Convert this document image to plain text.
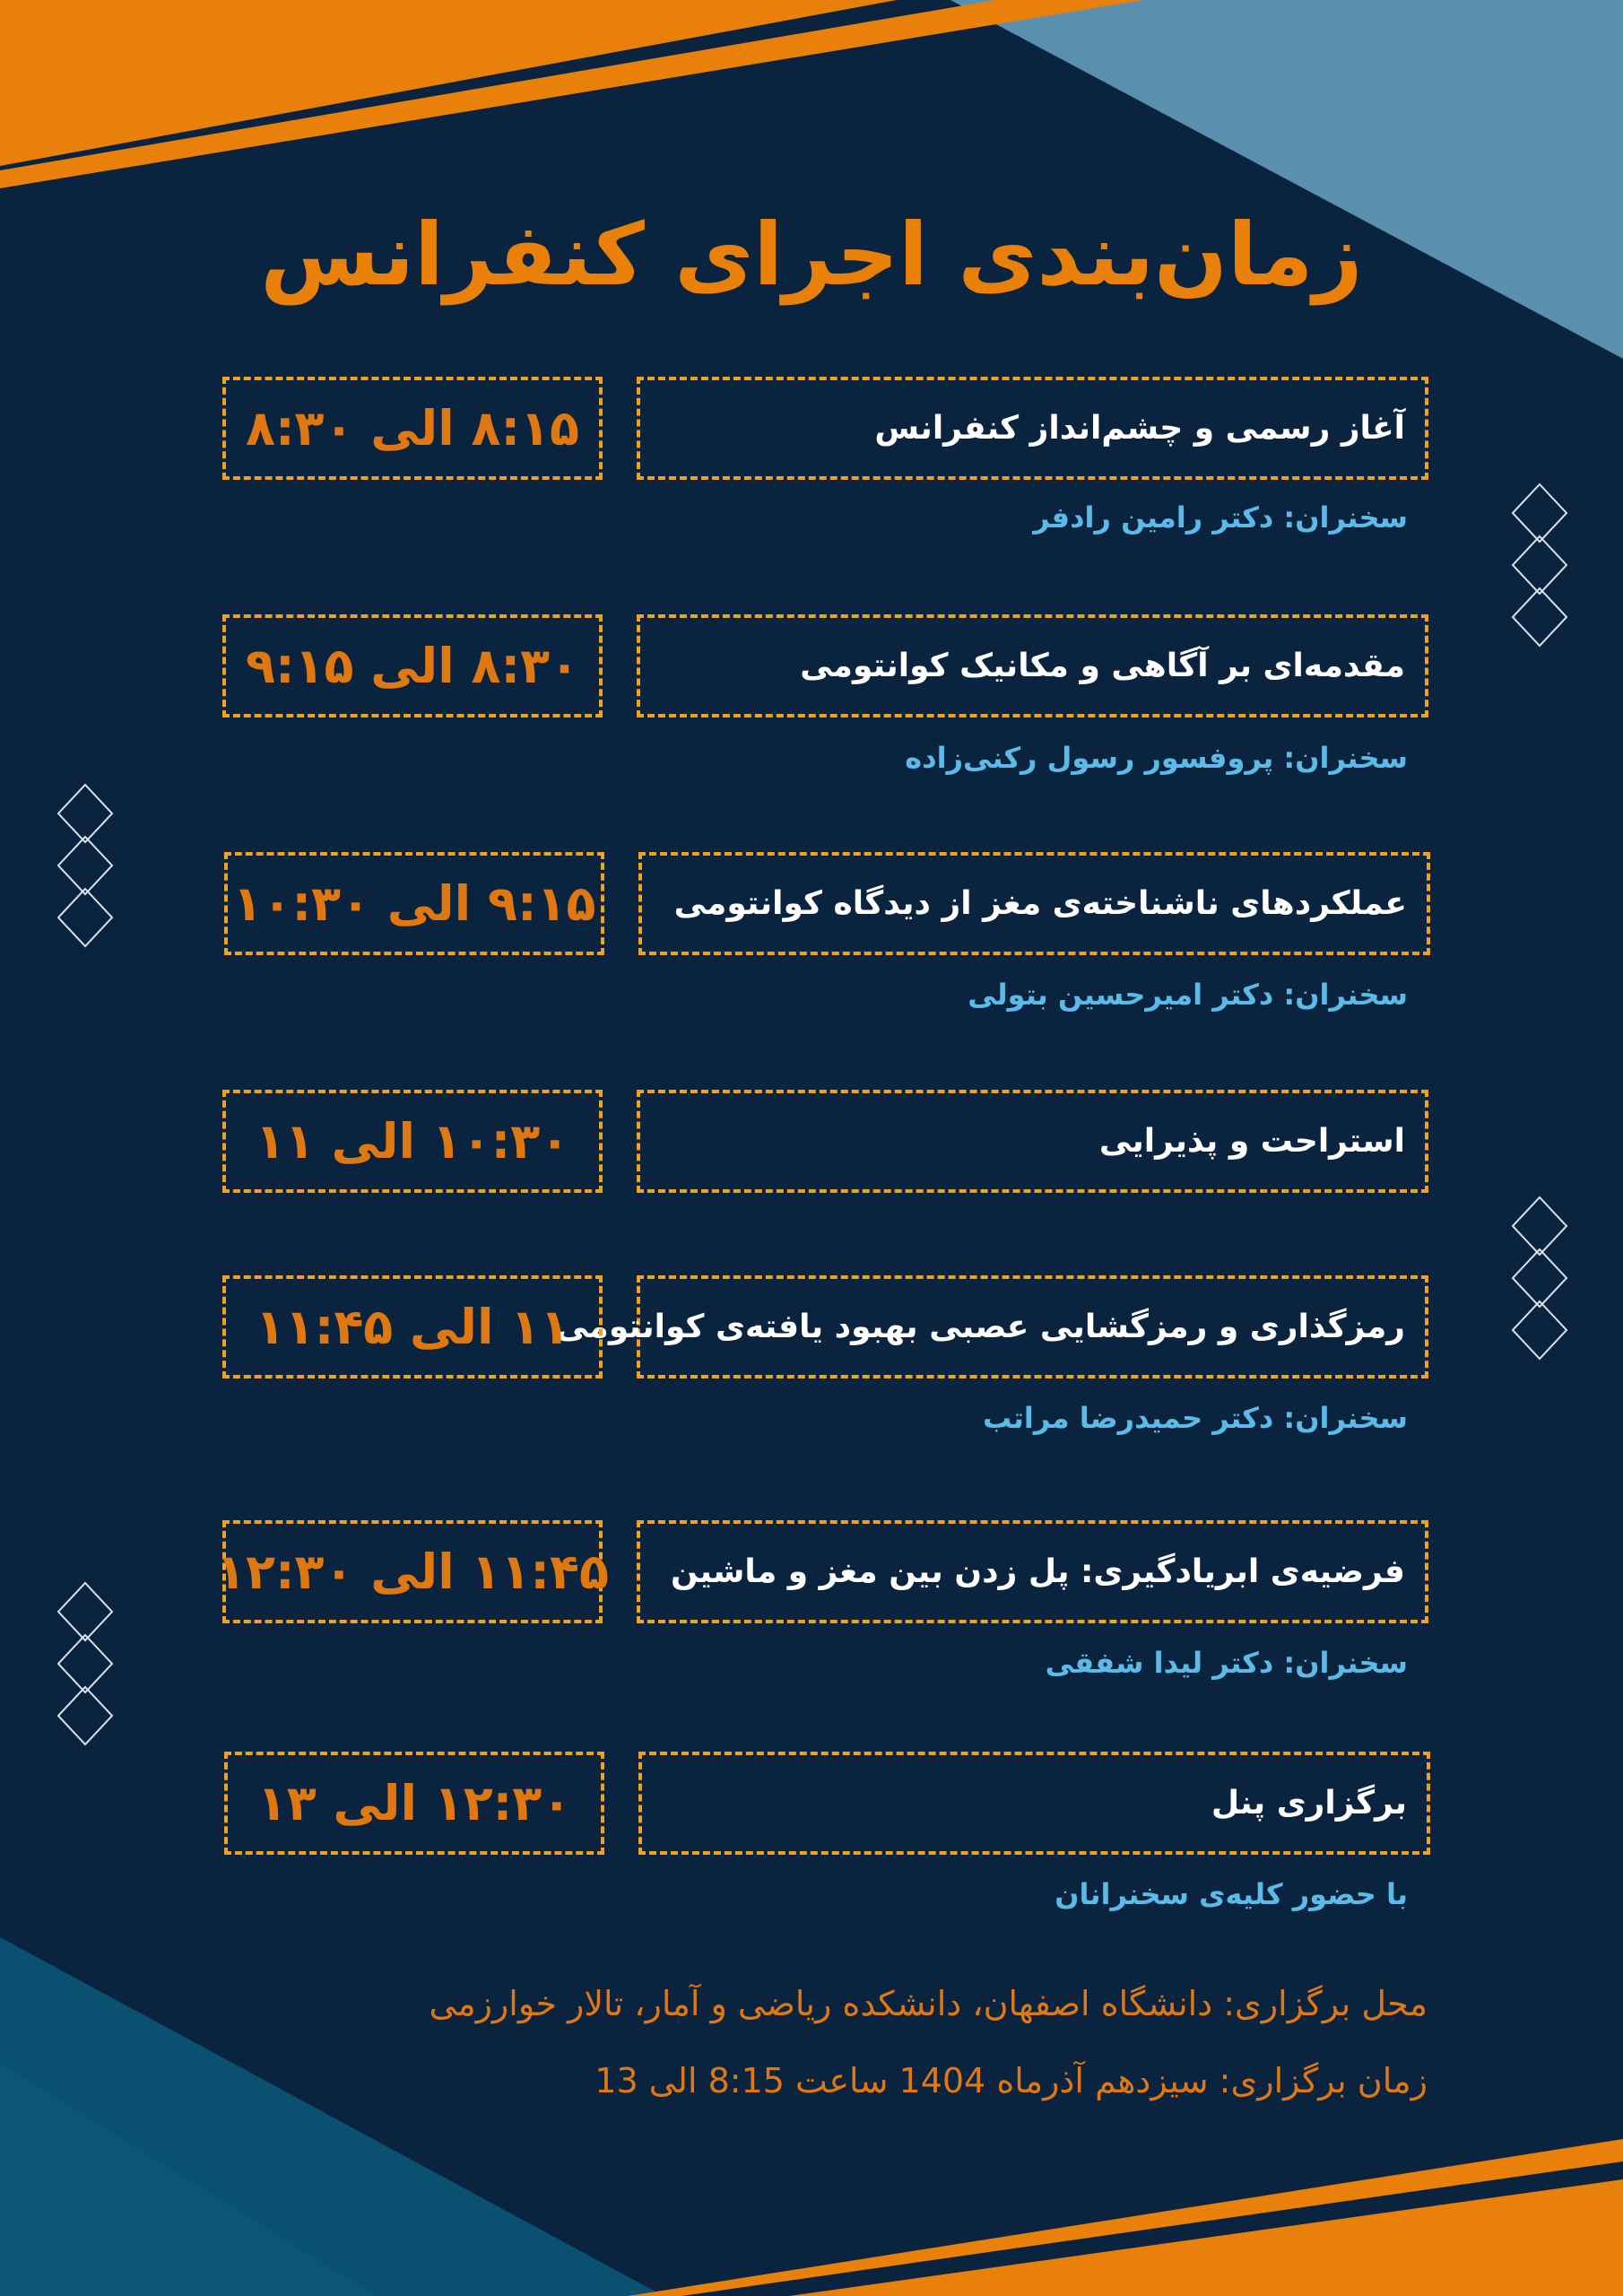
زمان‌بندی اجرای کنفرانس
آغاز رسمی و چشم‌انداز کنفرانس
۸:۱۵ الی ۸:۳۰
سخنران: دکتر رامین رادفر
مقدمه‌ای بر آگاهی و مکانیک کوانتومی
۸:۳۰ الی ۹:۱۵
سخنران: پروفسور رسول رکنی‌زاده
عملکردهای ناشناخته‌ی مغز از دیدگاه کوانتومی
۹:۱۵ الی ۱۰:۳۰
سخنران: دکتر امیرحسین بتولی
استراحت و پذیرایی
۱۰:۳۰ الی ۱۱
رمزگذاری و رمزگشایی عصبی بهبود یافته‌ی کوانتومی
۱۱ الی ۱۱:۴۵
سخنران: دکتر حمیدرضا مراتب
فرضیه‌ی ابریادگیری: پل زدن بین مغز و ماشین
۱۱:۴۵ الی ۱۲:۳۰
سخنران: دکتر لیدا شفقی
برگزاری پنل
۱۲:۳۰ الی ۱۳
با حضور کلیه‌ی سخنرانان
محل برگزاری: دانشگاه اصفهان، دانشکده ریاضی و آمار، تالار خوارزمی
زمان برگزاری: سیزدهم آذرماه 1404 ساعت 8:15 الی 13
